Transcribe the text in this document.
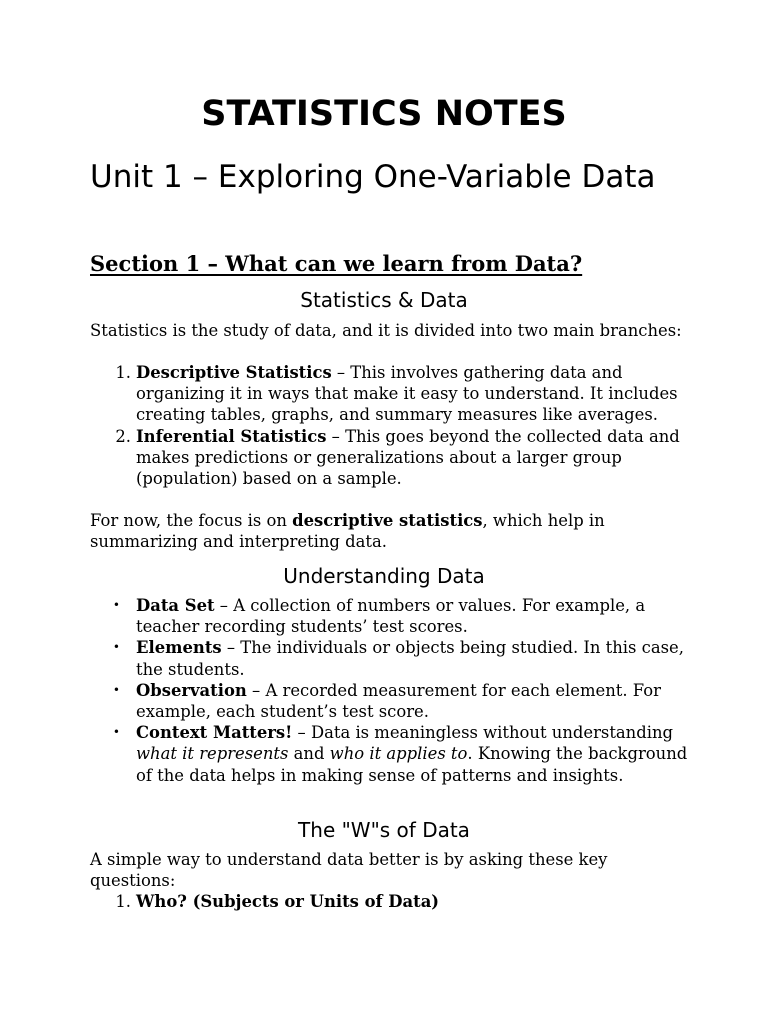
STATISTICS NOTES
Unit 1 – Exploring One-Variable Data
Section 1 – What can we learn from Data?
Statistics & Data

Statistics is the study of data, and it is divided into two main branches:

1. Descriptive Statistics – This involves gathering data and organizing it in ways that make it easy to understand. It includes creating tables, graphs, and summary measures like averages.
2. Inferential Statistics – This goes beyond the collected data and makes predictions or generalizations about a larger group (population) based on a sample.

For now, the focus is on descriptive statistics, which help in summarizing and interpreting data.

Understanding Data
• Data Set – A collection of numbers or values. For example, a teacher recording students’ test scores.
• Elements – The individuals or objects being studied. In this case, the students.
• Observation – A recorded measurement for each element. For example, each student’s test score.
• Context Matters! – Data is meaningless without understanding what it represents and who it applies to. Knowing the background of the data helps in making sense of patterns and insights.
The "W"s of Data

A simple way to understand data better is by asking these key questions:

1. Who? (Subjects or Units of Data)
